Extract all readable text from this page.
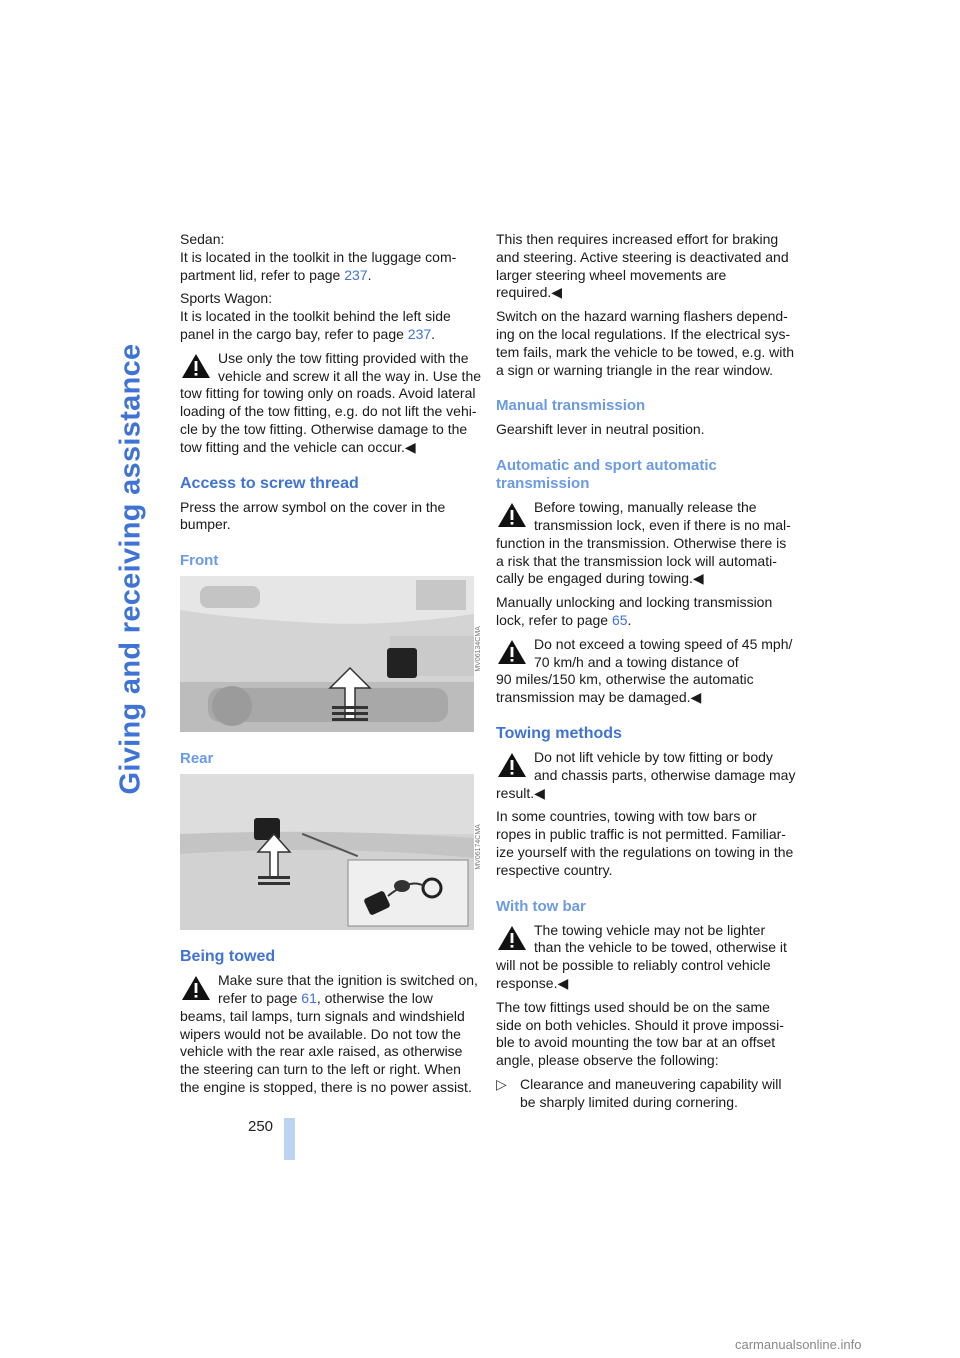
Giving and receiving assistance

Sedan:
It is located in the toolkit in the luggage com-
partment lid, refer to page 237.

Sports Wagon:
It is located in the toolkit behind the left side
panel in the cargo bay, refer to page 237.

Use only the tow fitting provided with the
vehicle and screw it all the way in. Use the
tow fitting for towing only on roads. Avoid lateral
loading of the tow fitting, e.g. do not lift the vehi-
cle by the tow fitting. Otherwise damage to the
tow fitting and the vehicle can occur.◀
Access to screw thread

Press the arrow symbol on the cover in the
bumper.

Front
MV06134CMA
Rear
MV06174CMA
Being towed
Make sure that the ignition is switched on,
refer to page 61, otherwise the low
beams, tail lamps, turn signals and windshield
wipers would not be available. Do not tow the
vehicle with the rear axle raised, as otherwise
the steering can turn to the left or right. When
the engine is stopped, there is no power assist.

This then requires increased effort for braking
and steering. Active steering is deactivated and
larger steering wheel movements are
required.◀

Switch on the hazard warning flashers depend-
ing on the local regulations. If the electrical sys-
tem fails, mark the vehicle to be towed, e.g. with
a sign or warning triangle in the rear window.

Manual transmission

Gearshift lever in neutral position.

Automatic and sport automatic
transmission
Before towing, manually release the
transmission lock, even if there is no mal-
function in the transmission. Otherwise there is
a risk that the transmission lock will automati-
cally be engaged during towing.◀

Manually unlocking and locking transmission
lock, refer to page 65.

Do not exceed a towing speed of 45 mph/
70 km/h and a towing distance of
90 miles/150 km, otherwise the automatic
transmission may be damaged.◀
Towing methods
Do not lift vehicle by tow fitting or body
and chassis parts, otherwise damage may
result.◀

In some countries, towing with tow bars or
ropes in public traffic is not permitted. Familiar-
ize yourself with the regulations on towing in the
respective country.

With tow bar
The towing vehicle may not be lighter
than the vehicle to be towed, otherwise it
will not be possible to reliably control vehicle
response.◀

The tow fittings used should be on the same
side on both vehicles. Should it prove impossi-
ble to avoid mounting the tow bar at an offset
angle, please observe the following:

▷ Clearance and maneuvering capability will
be sharply limited during cornering.
250
carmanualsonline.info
